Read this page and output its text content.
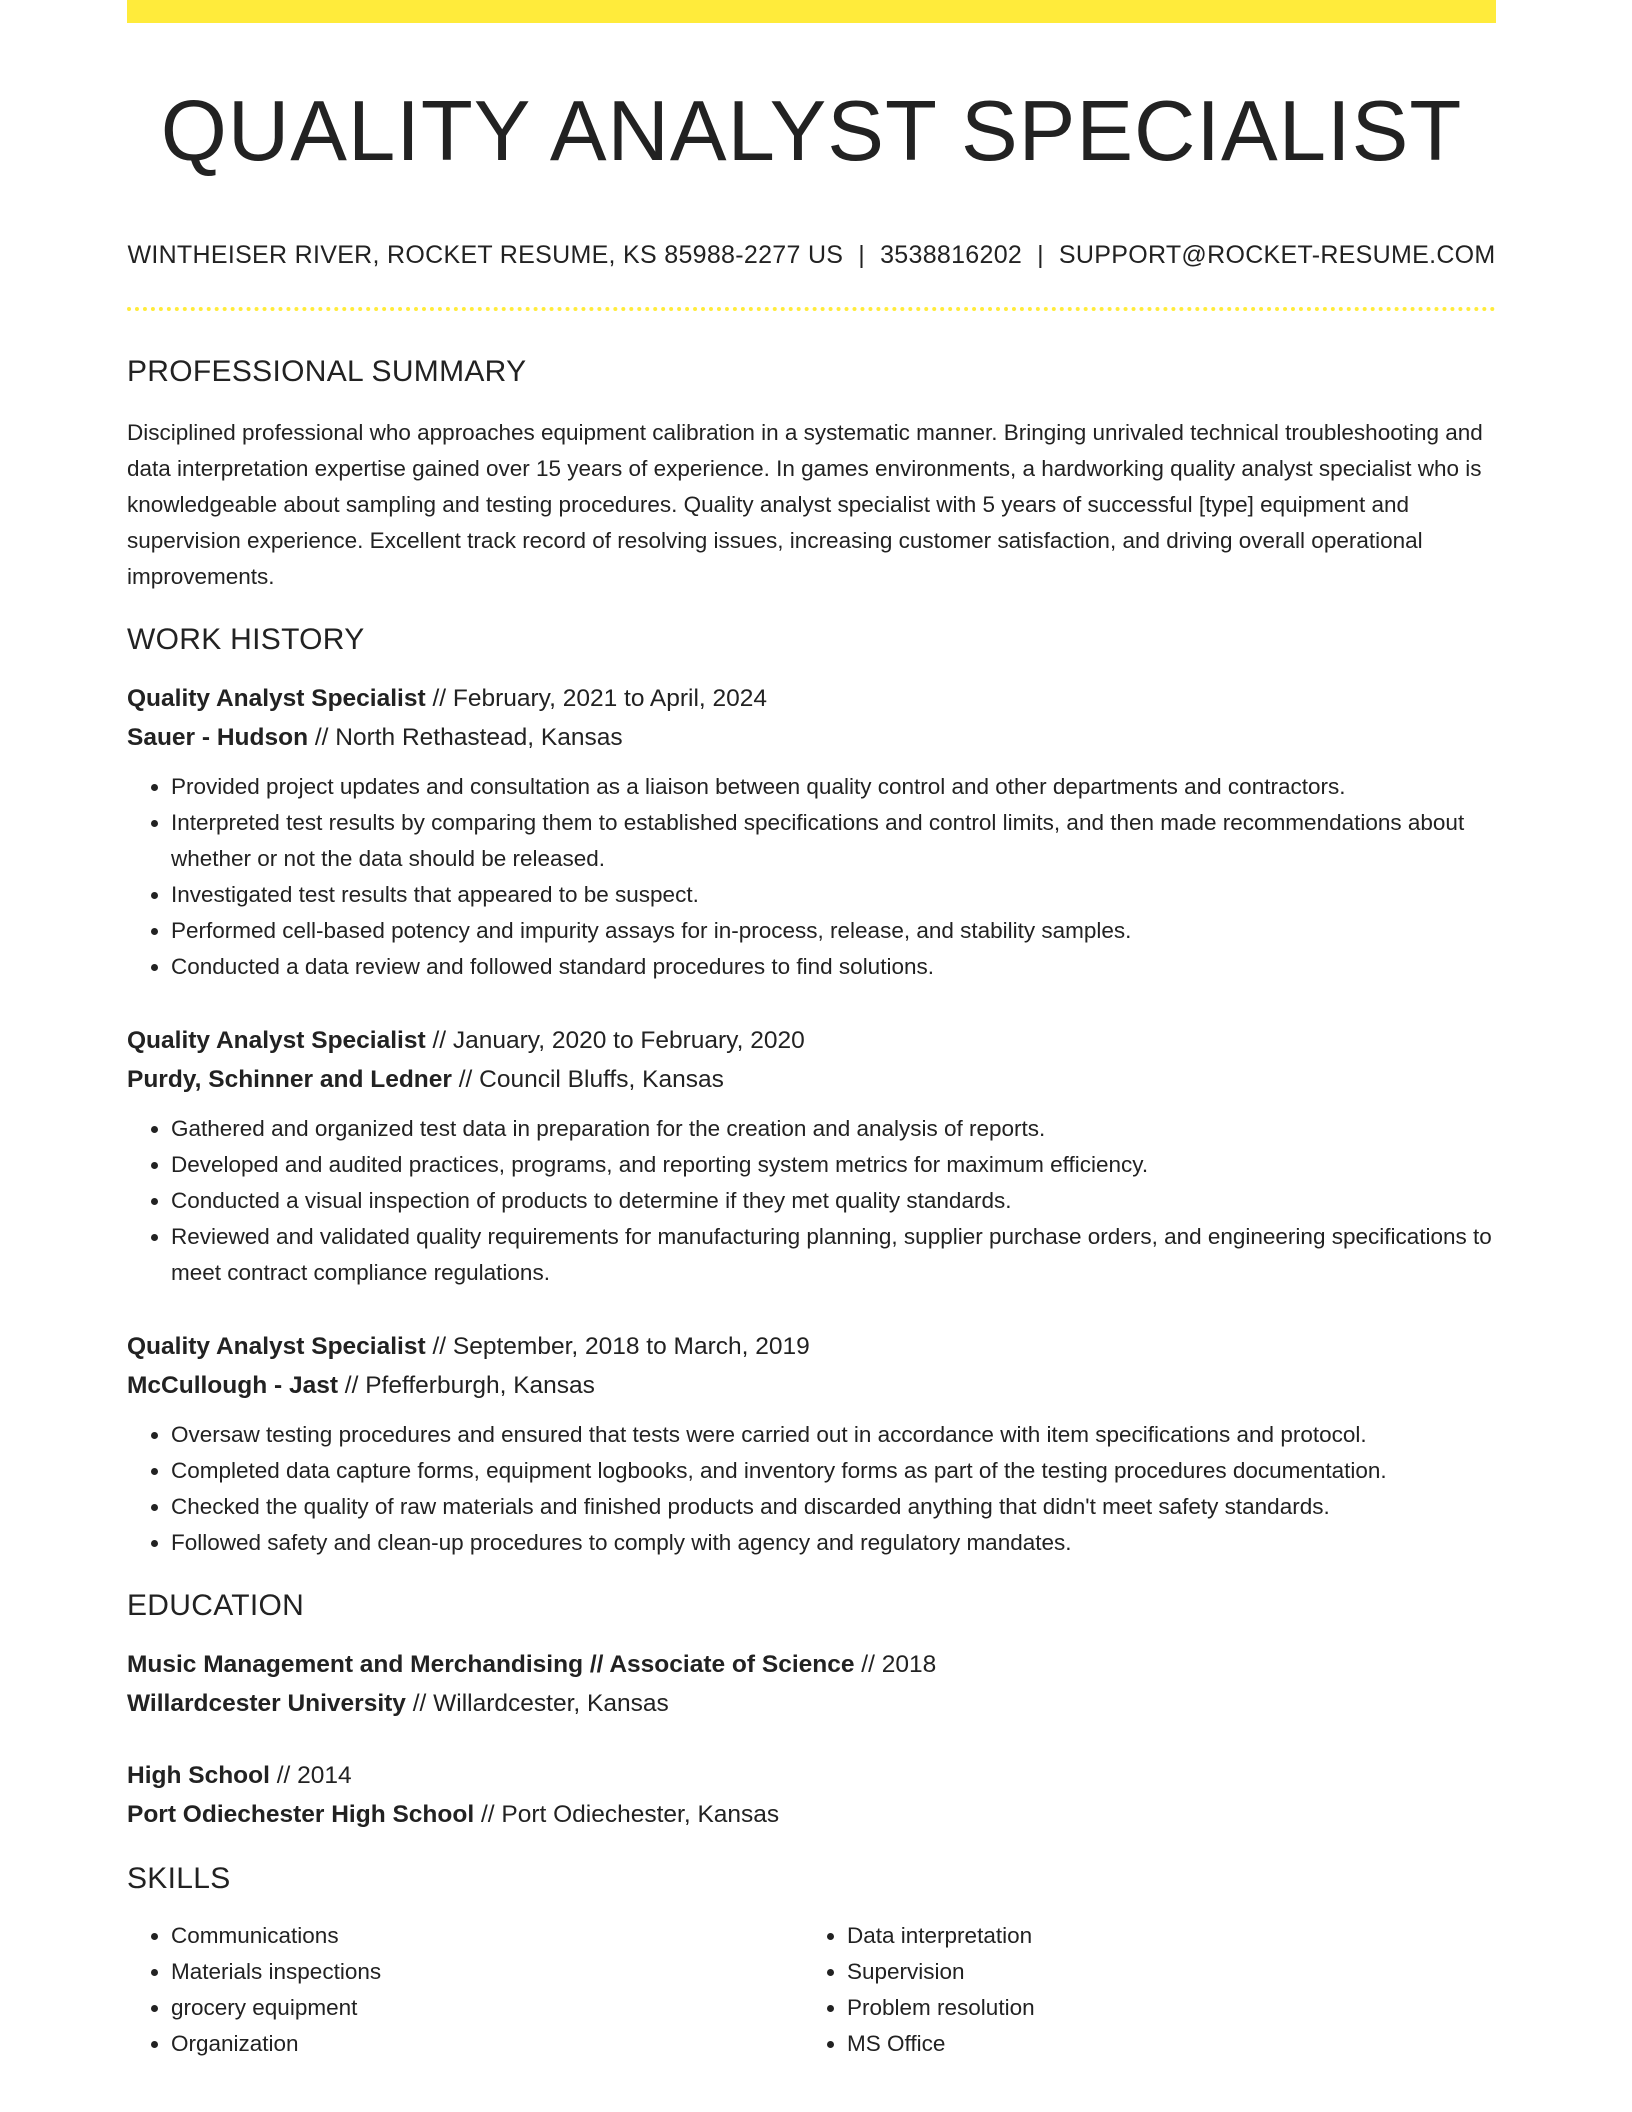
QUALITY ANALYST SPECIALIST
WINTHEISER RIVER, ROCKET RESUME, KS 85988-2277 US | 3538816202 | SUPPORT@ROCKET-RESUME.COM
PROFESSIONAL SUMMARY
Disciplined professional who approaches equipment calibration in a systematic manner. Bringing unrivaled technical troubleshooting and data interpretation expertise gained over 15 years of experience. In games environments, a hardworking quality analyst specialist who is knowledgeable about sampling and testing procedures. Quality analyst specialist with 5 years of successful [type] equipment and supervision experience. Excellent track record of resolving issues, increasing customer satisfaction, and driving overall operational improvements.
WORK HISTORY
Quality Analyst Specialist // February, 2021 to April, 2024
Sauer - Hudson // North Rethastead, Kansas
• Provided project updates and consultation as a liaison between quality control and other departments and contractors.
• Interpreted test results by comparing them to established specifications and control limits, and then made recommendations about whether or not the data should be released.
• Investigated test results that appeared to be suspect.
• Performed cell-based potency and impurity assays for in-process, release, and stability samples.
• Conducted a data review and followed standard procedures to find solutions.
Quality Analyst Specialist // January, 2020 to February, 2020
Purdy, Schinner and Ledner // Council Bluffs, Kansas
• Gathered and organized test data in preparation for the creation and analysis of reports.
• Developed and audited practices, programs, and reporting system metrics for maximum efficiency.
• Conducted a visual inspection of products to determine if they met quality standards.
• Reviewed and validated quality requirements for manufacturing planning, supplier purchase orders, and engineering specifications to meet contract compliance regulations.
Quality Analyst Specialist // September, 2018 to March, 2019
McCullough - Jast // Pfefferburgh, Kansas
• Oversaw testing procedures and ensured that tests were carried out in accordance with item specifications and protocol.
• Completed data capture forms, equipment logbooks, and inventory forms as part of the testing procedures documentation.
• Checked the quality of raw materials and finished products and discarded anything that didn't meet safety standards.
• Followed safety and clean-up procedures to comply with agency and regulatory mandates.
EDUCATION
Music Management and Merchandising // Associate of Science // 2018
Willardcester University // Willardcester, Kansas
High School // 2014
Port Odiechester High School // Port Odiechester, Kansas
SKILLS
• Communications
• Materials inspections
• grocery equipment
• Organization
• Data interpretation
• Supervision
• Problem resolution
• MS Office
